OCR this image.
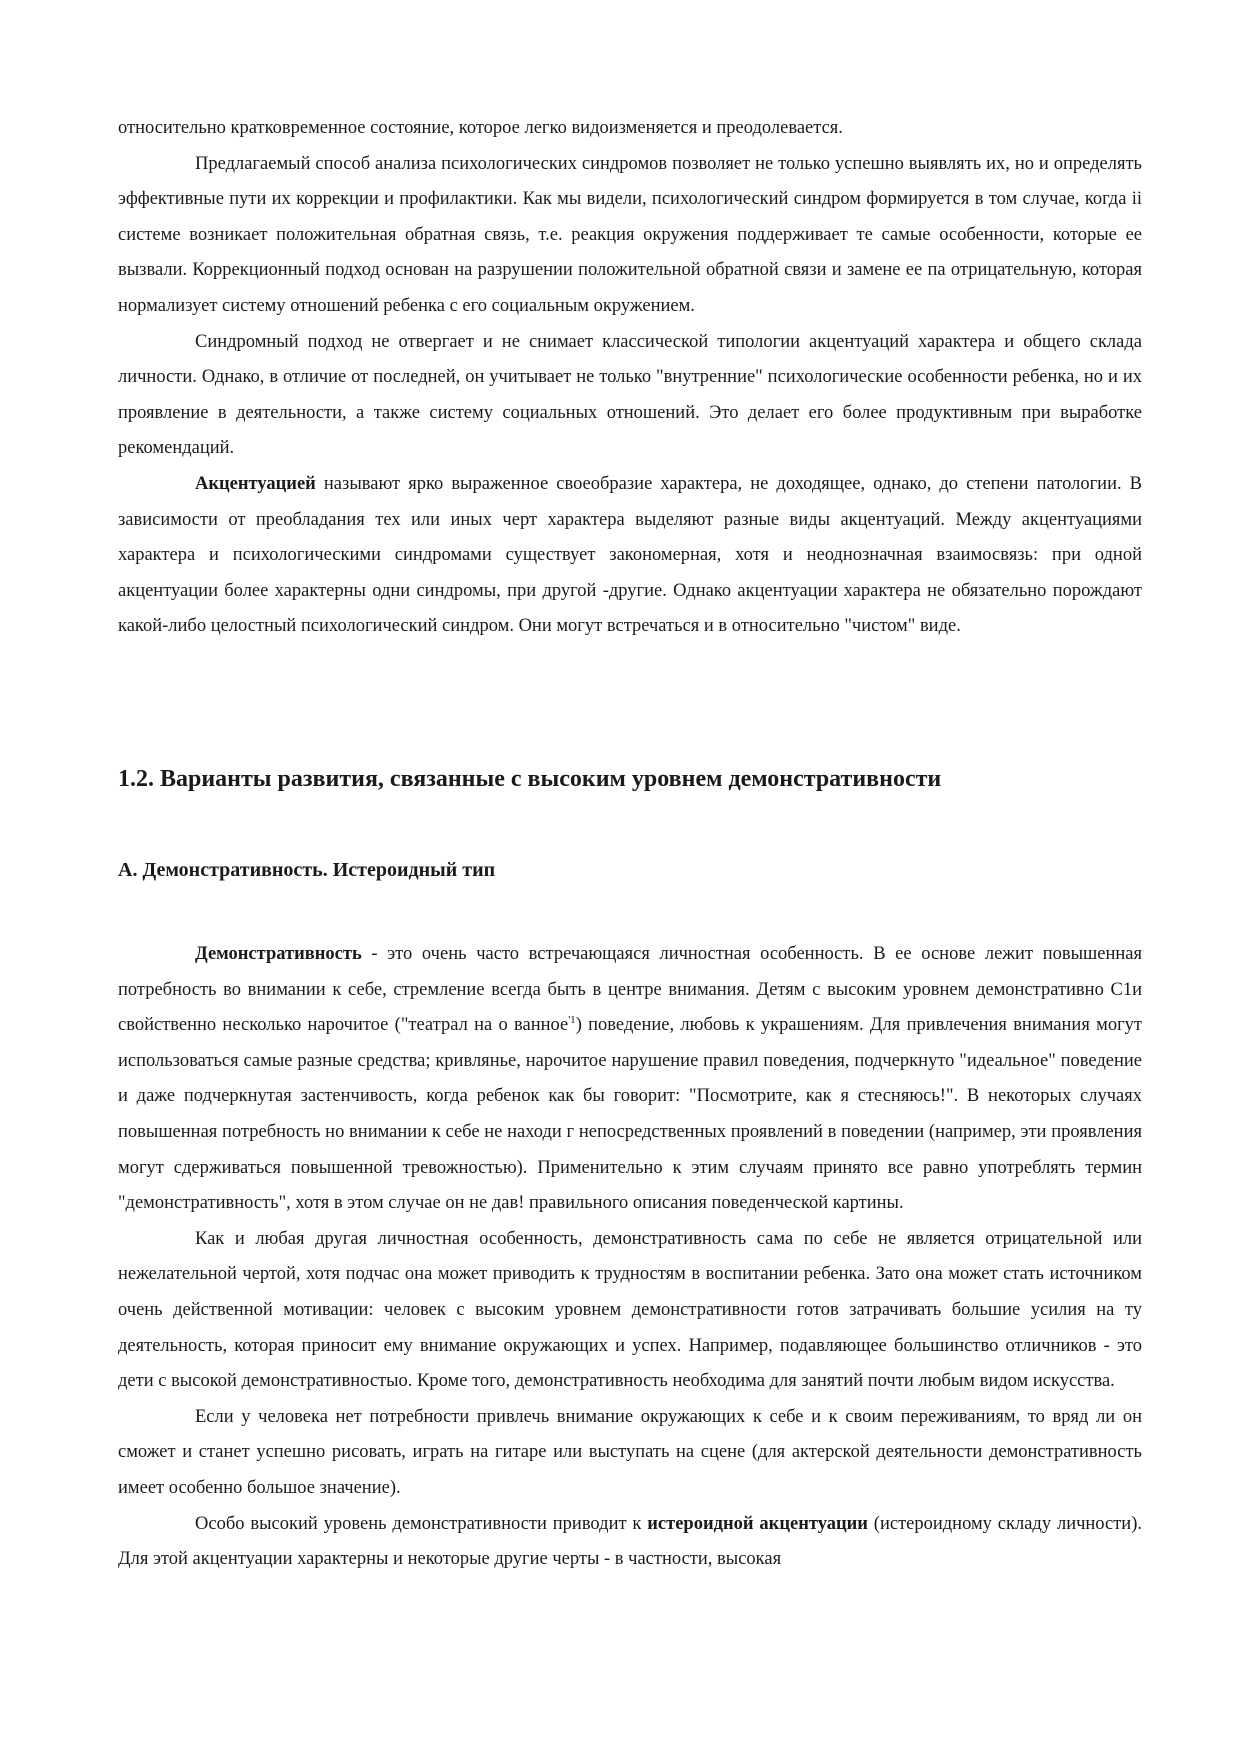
относительно кратковременное состояние, которое легко видоизменяется и преодолевается.

Предлагаемый способ анализа психологических синдромов позволяет не только успешно выявлять их, но и определять эффективные пути их коррекции и профилактики. Как мы видели, психологический синдром формируется в том случае, когда ii системе возникает положительная обратная связь, т.е. реакция окружения поддерживает те самые особенности, которые ее вызвали. Коррекционный подход основан на разрушении положительной обратной связи и замене ее па отрицательную, которая нормализует систему отношений ребенка с его социальным окружением.

Синдромный подход не отвергает и не снимает классической типологии акцентуаций характера и общего склада личности. Однако, в отличие от последней, он учитывает не только "внутренние" психологические особенности ребенка, но и их проявление в деятельности, а также систему социальных отношений. Это делает его более продуктивным при выработке рекомендаций.

Акцентуацией называют ярко выраженное своеобразие характера, не доходящее, однако, до степени патологии. В зависимости от преобладания тех или иных черт характера выделяют разные виды акцентуаций. Между акцентуациями характера и психологическими синдромами существует закономерная, хотя и неоднозначная взаимосвязь: при одной акцентуации более характерны одни синдромы, при другой -другие. Однако акцентуации характера не обязательно порождают какой-либо целостный психологический синдром. Они могут встречаться и в относительно "чистом" виде.

1.2. Варианты развития, связанные с высоким уровнем демонстративности
А. Демонстративность. Истероидный тип

Демонстративность - это очень часто встречающаяся личностная особенность. В ее основе лежит повышенная потребность во внимании к себе, стремление всегда быть в центре внимания. Детям с высоким уровнем демонстративно С1и свойственно несколько нарочитое ("театрал на о ванное$^{'1}$) поведение, любовь к украшениям. Для привлечения внимания могут использоваться самые разные средства; кривлянье, нарочитое нарушение правил поведения, подчеркнуто "идеальное" поведение и даже подчеркнутая застенчивость, когда ребенок как бы говорит: "Посмотрите, как я стесняюсь!". В некоторых случаях повышенная потребность но внимании к себе не находи г непосредственных проявлений в поведении (например, эти проявления могут сдерживаться повышенной тревожностью). Применительно к этим случаям принято все равно употреблять термин "демонстративность", хотя в этом случае он не дав! правильного описания поведенческой картины.

Как и любая другая личностная особенность, демонстративность сама по себе не является отрицательной или нежелательной чертой, хотя подчас она может приводить к трудностям в воспитании ребенка. Зато она может стать источником очень действенной мотивации: человек с высоким уровнем демонстративности готов затрачивать большие усилия на ту деятельность, которая приносит ему внимание окружающих и успех. Например, подавляющее большинство отличников - это дети с высокой демонстративностыо. Кроме того, демонстративность необходима для занятий почти любым видом искусства.

Если у человека нет потребности привлечь внимание окружающих к себе и к своим переживаниям, то вряд ли он сможет и станет успешно рисовать, играть на гитаре или выступать на сцене (для актерской деятельности демонстративность имеет особенно большое значение).

Особо высокий уровень демонстративности приводит к истероидной акцентуации (истероидному складу личности). Для этой акцентуации характерны и некоторые другие черты - в частности, высокая
